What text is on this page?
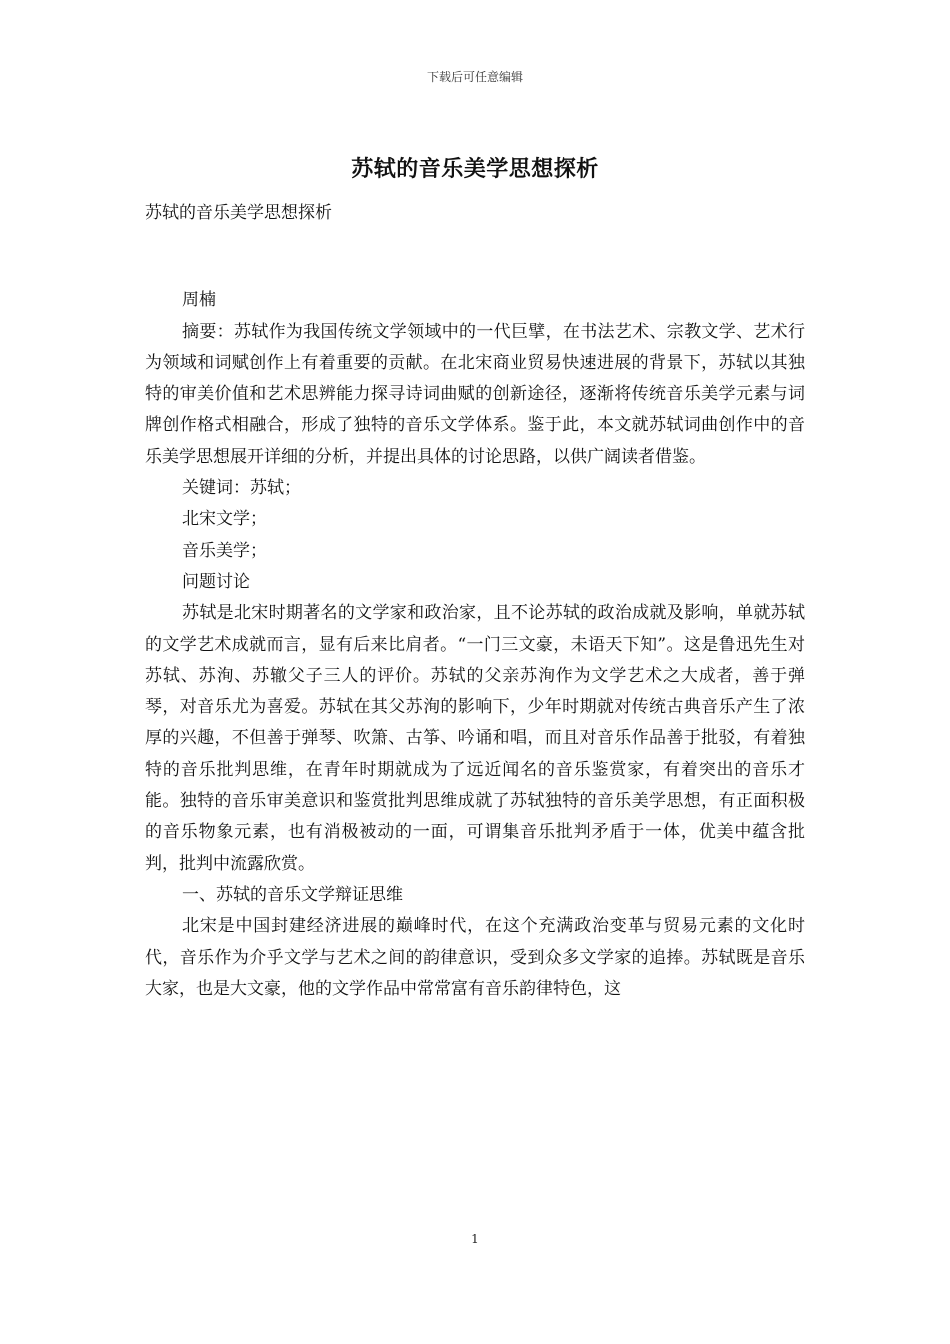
下载后可任意编辑
苏轼的音乐美学思想探析

苏轼的音乐美学思想探析

周楠

摘要：苏轼作为我国传统文学领域中的一代巨擘，在书法艺术、宗教文学、艺术行为领域和词赋创作上有着重要的贡献。在北宋商业贸易快速进展的背景下，苏轼以其独特的审美价值和艺术思辨能力探寻诗词曲赋的创新途径，逐渐将传统音乐美学元素与词牌创作格式相融合，形成了独特的音乐文学体系。鉴于此，本文就苏轼词曲创作中的音乐美学思想展开详细的分析，并提出具体的讨论思路，以供广阔读者借鉴。

关键词：苏轼；

北宋文学；

音乐美学；

问题讨论

苏轼是北宋时期著名的文学家和政治家，且不论苏轼的政治成就及影响，单就苏轼的文学艺术成就而言，显有后来比肩者。“一门三文豪，未语天下知”。这是鲁迅先生对苏轼、苏洵、苏辙父子三人的评价。苏轼的父亲苏洵作为文学艺术之大成者，善于弹琴，对音乐尤为喜爱。苏轼在其父苏洵的影响下，少年时期就对传统古典音乐产生了浓厚的兴趣，不但善于弹琴、吹箫、古筝、吟诵和唱，而且对音乐作品善于批驳，有着独特的音乐批判思维，在青年时期就成为了远近闻名的音乐鉴赏家，有着突出的音乐才能。独特的音乐审美意识和鉴赏批判思维成就了苏轼独特的音乐美学思想，有正面积极的音乐物象元素，也有消极被动的一面，可谓集音乐批判矛盾于一体，优美中蕴含批判，批判中流露欣赏。

一、苏轼的音乐文学辩证思维

北宋是中国封建经济进展的巅峰时代，在这个充满政治变革与贸易元素的文化时代，音乐作为介乎文学与艺术之间的韵律意识，受到众多文学家的追捧。苏轼既是音乐大家，也是大文豪，他的文学作品中常常富有音乐韵律特色，这

1
